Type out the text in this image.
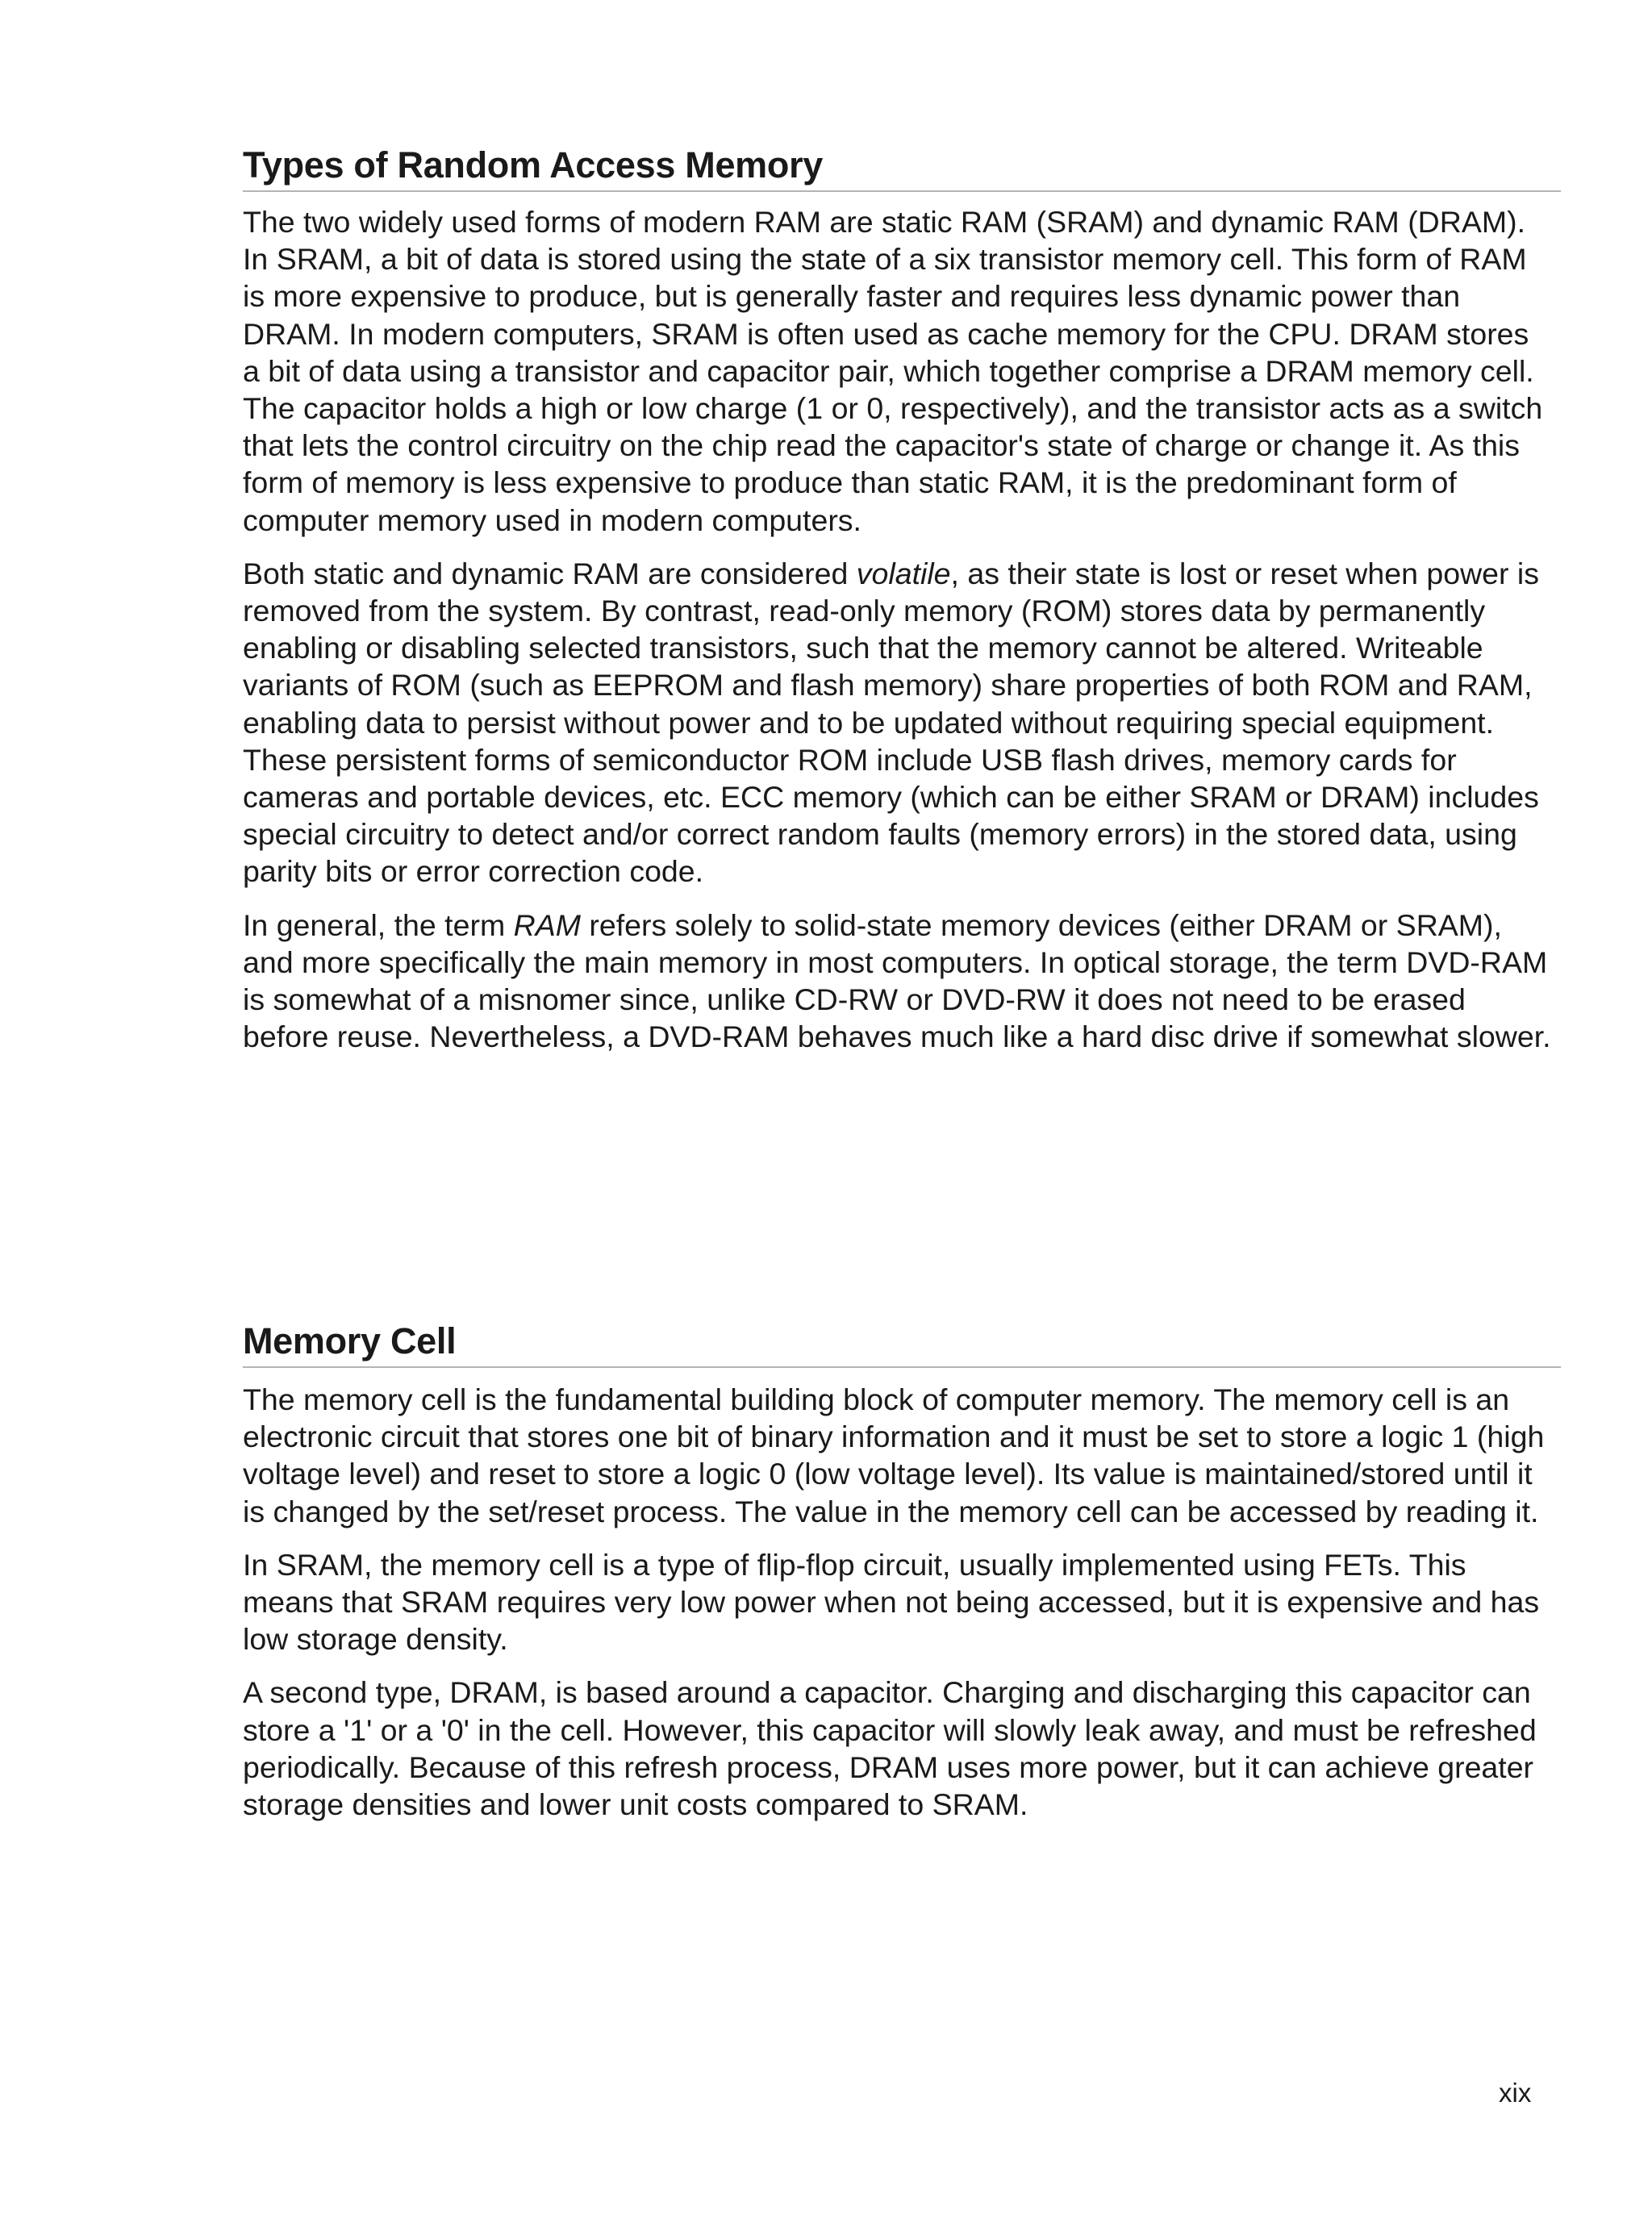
Types of Random Access Memory

The two widely used forms of modern RAM are static RAM (SRAM) and dynamic RAM (DRAM). In SRAM, a bit of data is stored using the state of a six transistor memory cell. This form of RAM is more expensive to produce, but is generally faster and requires less dynamic power than DRAM. In modern computers, SRAM is often used as cache memory for the CPU. DRAM stores a bit of data using a transistor and capacitor pair, which together comprise a DRAM memory cell. The capacitor holds a high or low charge (1 or 0, respectively), and the transistor acts as a switch that lets the control circuitry on the chip read the capacitor's state of charge or change it. As this form of memory is less expensive to produce than static RAM, it is the predominant form of computer memory used in modern computers.

Both static and dynamic RAM are considered volatile, as their state is lost or reset when power is removed from the system. By contrast, read-only memory (ROM) stores data by permanently enabling or disabling selected transistors, such that the memory cannot be altered. Writeable variants of ROM (such as EEPROM and flash memory) share properties of both ROM and RAM, enabling data to persist without power and to be updated without requiring special equipment. These persistent forms of semiconductor ROM include USB flash drives, memory cards for cameras and portable devices, etc. ECC memory (which can be either SRAM or DRAM) includes special circuitry to detect and/or correct random faults (memory errors) in the stored data, using parity bits or error correction code.

In general, the term RAM refers solely to solid-state memory devices (either DRAM or SRAM), and more specifically the main memory in most computers. In optical storage, the term DVD-RAM is somewhat of a misnomer since, unlike CD-RW or DVD-RW it does not need to be erased before reuse. Nevertheless, a DVD-RAM behaves much like a hard disc drive if somewhat slower.

Memory Cell

The memory cell is the fundamental building block of computer memory. The memory cell is an electronic circuit that stores one bit of binary information and it must be set to store a logic 1 (high voltage level) and reset to store a logic 0 (low voltage level). Its value is maintained/stored until it is changed by the set/reset process. The value in the memory cell can be accessed by reading it.

In SRAM, the memory cell is a type of flip-flop circuit, usually implemented using FETs. This means that SRAM requires very low power when not being accessed, but it is expensive and has low storage density.

A second type, DRAM, is based around a capacitor. Charging and discharging this capacitor can store a '1' or a '0' in the cell. However, this capacitor will slowly leak away, and must be refreshed periodically. Because of this refresh process, DRAM uses more power, but it can achieve greater storage densities and lower unit costs compared to SRAM.

xix
